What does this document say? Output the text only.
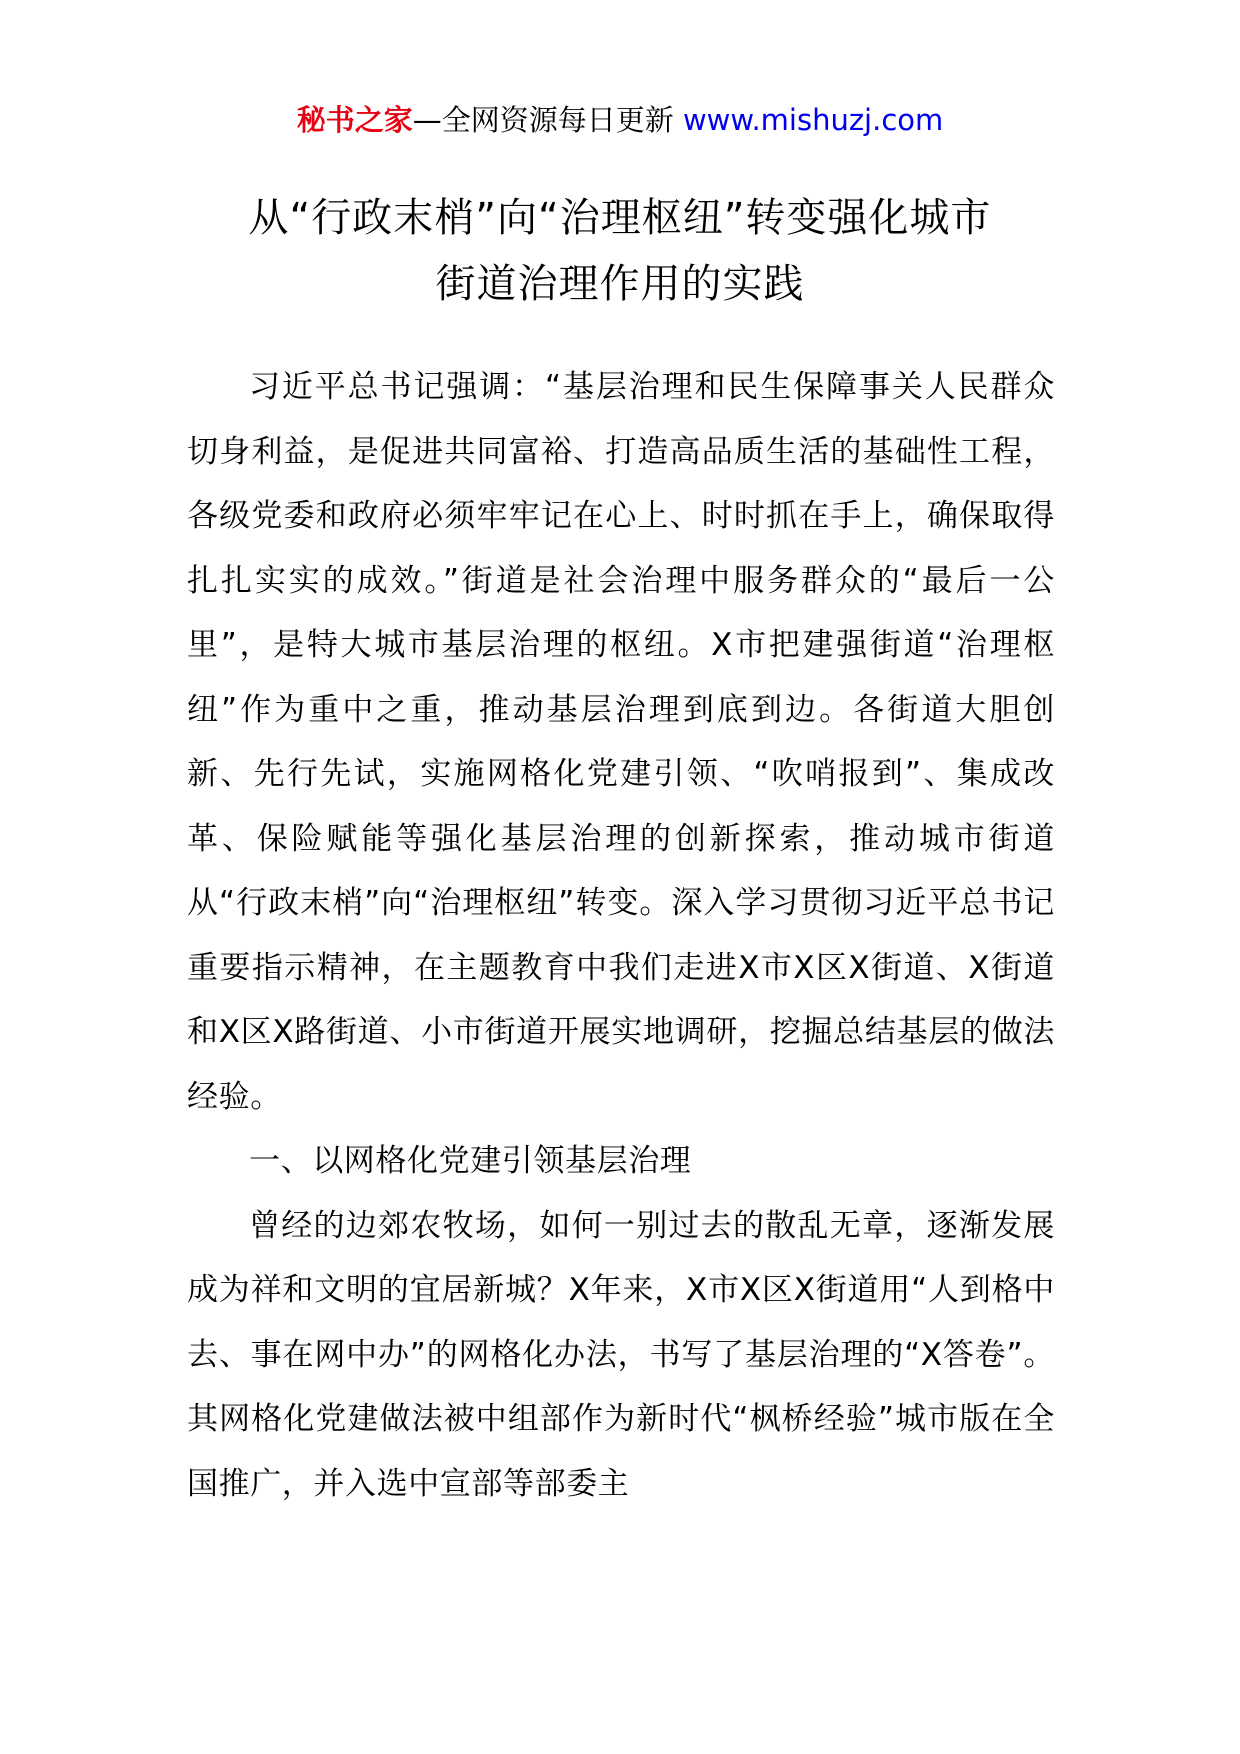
秘书之家—全网资源每日更新 www.mishuzj.com
从“行政末梢”向“治理枢纽”转变强化城市
街道治理作用的实践

习近平总书记强调：“基层治理和民生保障事关人民群众切身利益，是促进共同富裕、打造高品质生活的基础性工程，各级党委和政府必须牢牢记在心上、时时抓在手上，确保取得扎扎实实的成效。”街道是社会治理中服务群众的“最后一公里”，是特大城市基层治理的枢纽。X市把建强街道“治理枢纽”作为重中之重，推动基层治理到底到边。各街道大胆创新、先行先试，实施网格化党建引领、“吹哨报到”、集成改革、保险赋能等强化基层治理的创新探索，推动城市街道从“行政末梢”向“治理枢纽”转变。深入学习贯彻习近平总书记重要指示精神，在主题教育中我们走进X市X区X街道、X街道和X区X路街道、小市街道开展实地调研，挖掘总结基层的做法经验。

一、以网格化党建引领基层治理

曾经的边郊农牧场，如何一别过去的散乱无章，逐渐发展成为祥和文明的宜居新城？X年来，X市X区X街道用“人到格中去、事在网中办”的网格化办法，书写了基层治理的“X答卷”。其网格化党建做法被中组部作为新时代“枫桥经验”城市版在全国推广，并入选中宣部等部委主
